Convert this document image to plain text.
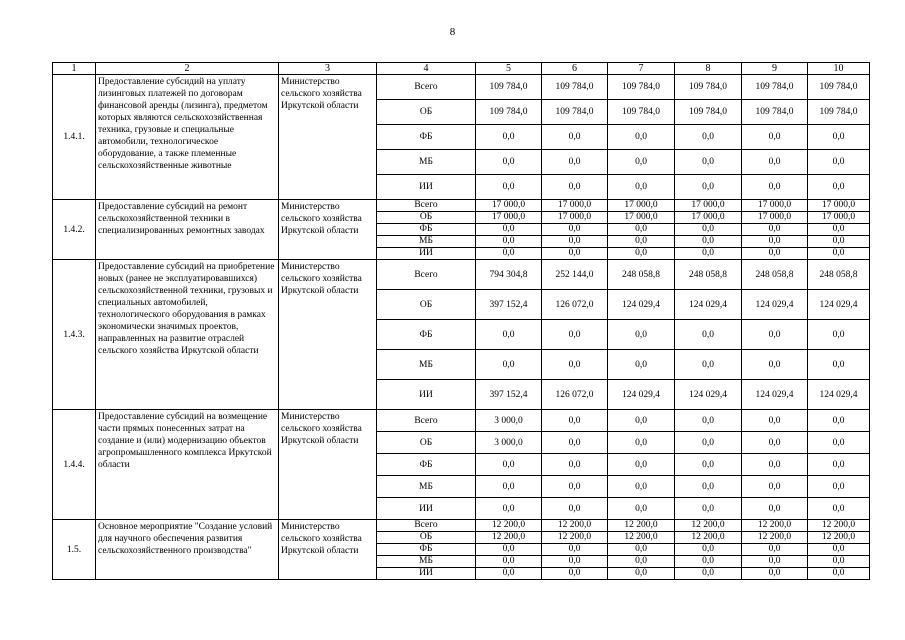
8
1	2	3	4	5	6	7	8	9	10
1.4.1.	Предоставление субсидий на уплату лизинговых платежей по договорам финансовой аренды (лизинга), предметом которых являются сельскохозяйственная техника, грузовые и специальные автомобили, технологическое оборудование, а также племенные сельскохозяйственные животные	Министерство сельского хозяйства Иркутской области	Всего	109 784,0	109 784,0	109 784,0	109 784,0	109 784,0	109 784,0
			ОБ	109 784,0	109 784,0	109 784,0	109 784,0	109 784,0	109 784,0
			ФБ	0,0	0,0	0,0	0,0	0,0	0,0
			МБ	0,0	0,0	0,0	0,0	0,0	0,0
			ИИ	0,0	0,0	0,0	0,0	0,0	0,0
1.4.2.	Предоставление субсидий на ремонт сельскохозяйственной техники в специализированных ремонтных заводах	Министерство сельского хозяйства Иркутской области	Всего	17 000,0	17 000,0	17 000,0	17 000,0	17 000,0	17 000,0
			ОБ	17 000,0	17 000,0	17 000,0	17 000,0	17 000,0	17 000,0
			ФБ	0,0	0,0	0,0	0,0	0,0	0,0
			МБ	0,0	0,0	0,0	0,0	0,0	0,0
			ИИ	0,0	0,0	0,0	0,0	0,0	0,0
1.4.3.	Предоставление субсидий на приобретение новых (ранее не эксплуатировавшихся) сельскохозяйственной техники, грузовых и специальных автомобилей, технологического оборудования в рамках экономически значимых проектов, направленных на развитие отраслей сельского хозяйства Иркутской области	Министерство сельского хозяйства Иркутской области	Всего	794 304,8	252 144,0	248 058,8	248 058,8	248 058,8	248 058,8
			ОБ	397 152,4	126 072,0	124 029,4	124 029,4	124 029,4	124 029,4
			ФБ	0,0	0,0	0,0	0,0	0,0	0,0
			МБ	0,0	0,0	0,0	0,0	0,0	0,0
			ИИ	397 152,4	126 072,0	124 029,4	124 029,4	124 029,4	124 029,4
1.4.4.	Предоставление субсидий на возмещение части прямых понесенных затрат на создание и (или) модернизацию объектов агропромышленного комплекса Иркутской области	Министерство сельского хозяйства Иркутской области	Всего	3 000,0	0,0	0,0	0,0	0,0	0,0
			ОБ	3 000,0	0,0	0,0	0,0	0,0	0,0
			ФБ	0,0	0,0	0,0	0,0	0,0	0,0
			МБ	0,0	0,0	0,0	0,0	0,0	0,0
			ИИ	0,0	0,0	0,0	0,0	0,0	0,0
1.5.	Основное мероприятие "Создание условий для научного обеспечения развития сельскохозяйственного производства"	Министерство сельского хозяйства Иркутской области	Всего	12 200,0	12 200,0	12 200,0	12 200,0	12 200,0	12 200,0
			ОБ	12 200,0	12 200,0	12 200,0	12 200,0	12 200,0	12 200,0
			ФБ	0,0	0,0	0,0	0,0	0,0	0,0
			МБ	0,0	0,0	0,0	0,0	0,0	0,0
			ИИ	0,0	0,0	0,0	0,0	0,0	0,0
